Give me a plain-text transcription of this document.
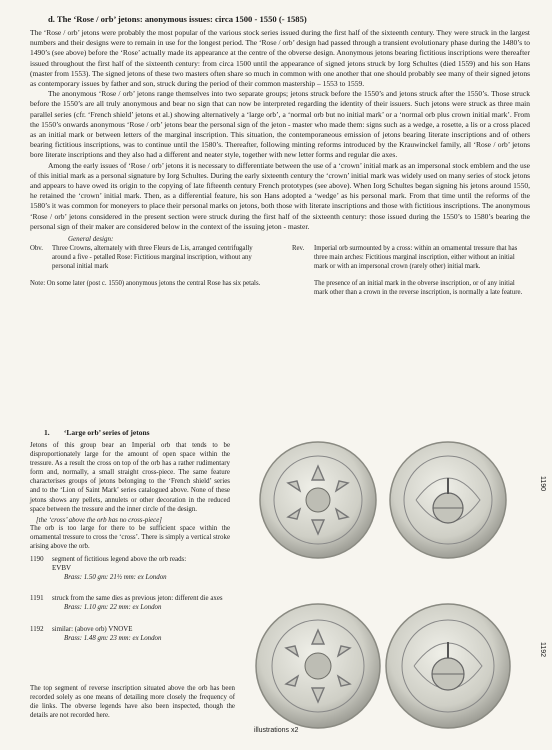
d. The ‘Rose / orb’ jetons: anonymous issues: circa 1500 - 1550 (- 1585)

The ‘Rose / orb’ jetons were probably the most popular of the various stock series issued during the first half of the sixteenth century. They were struck in the largest numbers and their designs were to remain in use for the longest period. The ‘Rose / orb’ design had passed through a transient evolutionary phase during the 1480’s to 1490’s (see above) before the ‘Rose’ actually made its appearance at the centre of the obverse design. Anonymous jetons bearing fictitious inscriptions were thereafter issued throughout the first half of the sixteenth century: from circa 1500 until the appearance of signed jetons struck by Iorg Schultes (died 1559) and his son Hans (master from 1553). The signed jetons of these two masters often share so much in common with one another that one should probably see many of their signed jetons as contemporary issues by father and son, struck during the period of their common mastership – 1553 to 1559.

The anonymous ‘Rose / orb’ jetons range themselves into two separate groups; jetons struck before the 1550’s and jetons struck after the 1550’s. Those struck before the 1550’s are all truly anonymous and bear no sign that can now be interpreted regarding the identity of their issuers. Such jetons were struck as three main parallel series (cfr. ‘French shield’ jetons et al.) showing alternatively a ‘large orb’, a ‘normal orb but no initial mark’ or a ‘normal orb plus crown initial mark’. From the 1550’s onwards anonymous ‘Rose / orb’ jetons bear the personal sign of the jeton - master who made them: signs such as a wedge, a rosette, a lis or a cross placed as an initial mark or between letters of the marginal inscription. This situation, the contemporaneous emission of jetons bearing literate inscriptions and of others bearing fictitious inscriptions, was to continue until the 1580’s. Thereafter, following minting reforms introduced by the Krauwinckel family, all ‘Rose / orb’ jetons bore literate inscriptions and they also had a different and neater style, together with new letter forms and regular die axes.

Among the early issues of ‘Rose / orb’ jetons it is necessary to differentiate between the use of a ‘crown’ initial mark as an impersonal stock emblem and the use of this initial mark as a personal signature by Iorg Schultes. During the early sixteenth century the ‘crown’ initial mark was widely used on many series of stock jetons and appears to have owed its origin to the copying of late fifteenth century French prototypes (see above). When Iorg Schultes began signing his jetons around 1550, he retained the ‘crown’ initial mark. Then, as a differential feature, his son Hans adopted a ‘wedge’ as his personal mark. From that time until the reforms of the 1580’s it was common for moneyers to place their personal marks on jetons, both those with literate inscriptions and those with fictitious inscriptions. The anonymous ‘Rose / orb’ jetons considered in the present section were struck during the first half of the sixteenth century: those issued during the 1550’s to 1580’s bearing the personal sign of their maker are considered below in the context of the issuing jeton - master.

General design:
Obv.	Three Crowns, alternately with three Fleurs de Lis, arranged centrifugally around a five - petalled Rose: Fictitious marginal inscription, without any personal initial mark
Rev.	Imperial orb surmounted by a cross: within an ornamental tressure that has three main arches: Fictitious marginal inscription, either without an initial mark or with an impersonal crown (rarely other) initial mark.
Note: On some later (post c. 1550) anonymous jetons the central Rose has six petals.	The presence of an initial mark in the obverse inscription, or of any initial mark other than a crown in the reverse inscription, is normally a late feature.
1. ‘Large orb’ series of jetons

Jetons of this group bear an Imperial orb that tends to be disproportionately large for the amount of open space within the tressure. As a result the cross on top of the orb has a rather rudimentary form and, normally, a small straight cross-piece. The same feature characterises groups of jetons belonging to the ‘French shield’ series and to the ‘Lion of Saint Mark’ series catalogued above. None of these jetons shows any pellets, annulets or other decoration in the reduced space between the tressure and the inner circle of the design.

[the ‘cross’ above the orb has no cross-piece]

The orb is too large for there to be sufficient space within the ornamental tressure to cross the ‘cross’. There is simply a vertical stroke arising above the orb.

1190	segment of fictitious legend above the orb reads:
EVBV
Brass: 1.50 gm: 21½ mm: ex London
1191	struck from the same dies as previous jeton: different die axes
Brass: 1.10 gm: 22 mm: ex London
1192	similar: (above orb) VNOVE
Brass: 1.48 gm: 23 mm: ex London

The top segment of reverse inscription situated above the orb has been recorded solely as one means of detailing more closely the frequency of die links. The obverse legends have also been inspected, though the details are not recorded here.

1190
1192
illustrations x2
